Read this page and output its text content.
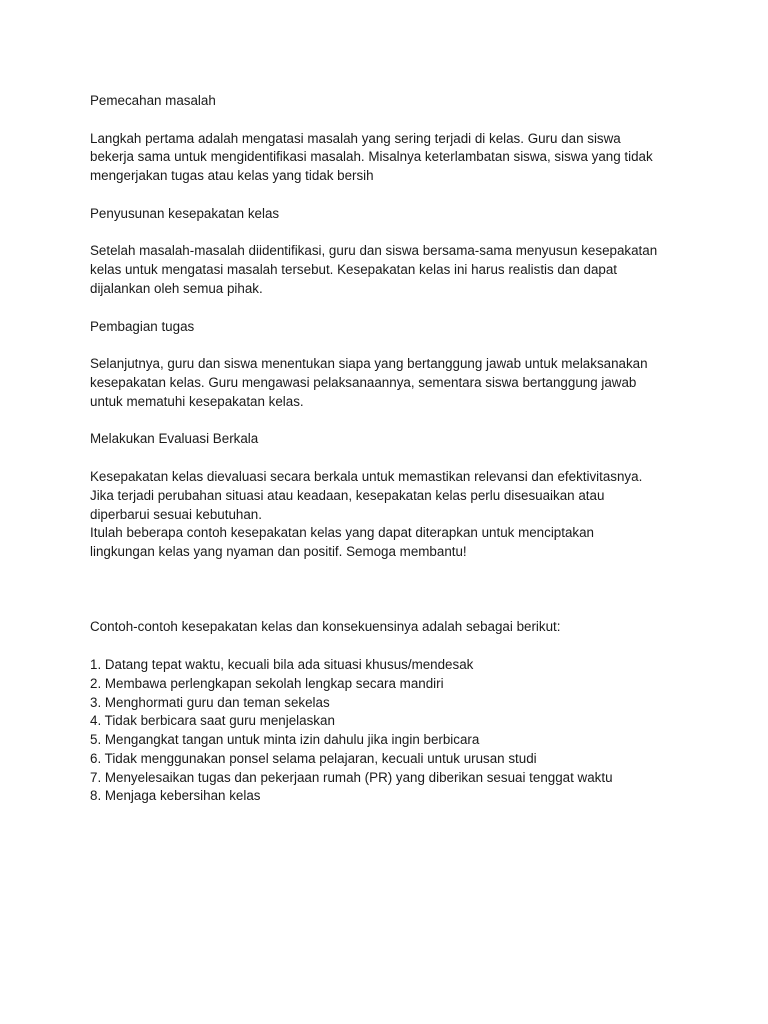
Pemecahan masalah

Langkah pertama adalah mengatasi masalah yang sering terjadi di kelas. Guru dan siswa
bekerja sama untuk mengidentifikasi masalah. Misalnya keterlambatan siswa, siswa yang tidak
mengerjakan tugas atau kelas yang tidak bersih

Penyusunan kesepakatan kelas

Setelah masalah-masalah diidentifikasi, guru dan siswa bersama-sama menyusun kesepakatan
kelas untuk mengatasi masalah tersebut. Kesepakatan kelas ini harus realistis dan dapat
dijalankan oleh semua pihak.

Pembagian tugas

Selanjutnya, guru dan siswa menentukan siapa yang bertanggung jawab untuk melaksanakan
kesepakatan kelas. Guru mengawasi pelaksanaannya, sementara siswa bertanggung jawab
untuk mematuhi kesepakatan kelas.

Melakukan Evaluasi Berkala

Kesepakatan kelas dievaluasi secara berkala untuk memastikan relevansi dan efektivitasnya.
Jika terjadi perubahan situasi atau keadaan, kesepakatan kelas perlu disesuaikan atau
diperbarui sesuai kebutuhan.
Itulah beberapa contoh kesepakatan kelas yang dapat diterapkan untuk menciptakan
lingkungan kelas yang nyaman dan positif. Semoga membantu!

Contoh-contoh kesepakatan kelas dan konsekuensinya adalah sebagai berikut:

1. Datang tepat waktu, kecuali bila ada situasi khusus/mendesak
2. Membawa perlengkapan sekolah lengkap secara mandiri
3. Menghormati guru dan teman sekelas
4. Tidak berbicara saat guru menjelaskan
5. Mengangkat tangan untuk minta izin dahulu jika ingin berbicara
6. Tidak menggunakan ponsel selama pelajaran, kecuali untuk urusan studi
7. Menyelesaikan tugas dan pekerjaan rumah (PR) yang diberikan sesuai tenggat waktu
8. Menjaga kebersihan kelas
